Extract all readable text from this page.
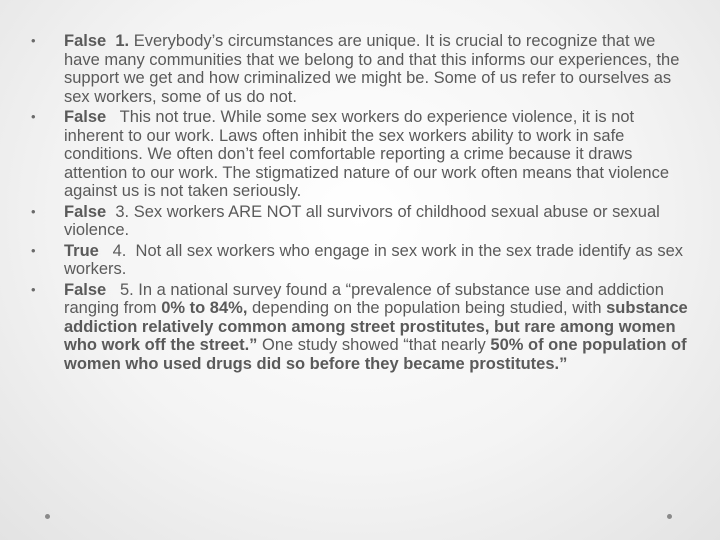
• False 1. Everybody’s circumstances are unique. It is crucial to recognize that we have many communities that we belong to and that this informs our experiences, the support we get and how criminalized we might be. Some of us refer to ourselves as sex workers, some of us do not.
• False   This not true. While some sex workers do experience violence, it is not inherent to our work. Laws often inhibit the sex workers ability to work in safe conditions. We often don’t feel comfortable reporting a crime because it draws attention to our work. The stigmatized nature of our work often means that violence against us is not taken seriously.
• False  3. Sex workers ARE NOT all survivors of childhood sexual abuse or sexual violence.
• True   4.  Not all sex workers who engage in sex work in the sex trade identify as sex workers.
• False   5. In a national survey found a “prevalence of substance use and addiction ranging from 0% to 84%, depending on the population being studied, with substance addiction relatively common among street prostitutes, but rare among women who work off the street.” One study showed “that nearly 50% of one population of women who used drugs did so before they became prostitutes.”
